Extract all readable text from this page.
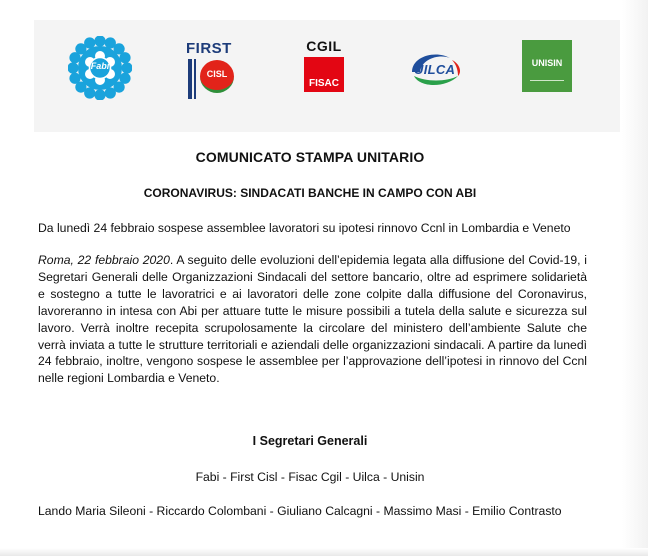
Fabi
FIRST
CISL
CGIL
FISAC
UILCA	UNISIN
COMUNICATO STAMPA UNITARIO
CORONAVIRUS: SINDACATI BANCHE IN CAMPO CON ABI
Da lunedì 24 febbraio sospese assemblee lavoratori su ipotesi rinnovo Ccnl in Lombardia e Veneto
Roma, 22 febbraio 2020. A seguito delle evoluzioni dell’epidemia legata alla diffusione del Covid-19, i Segretari Generali delle Organizzazioni Sindacali del settore bancario, oltre ad esprimere solidarietà e sostegno a tutte le lavoratrici e ai lavoratori delle zone colpite dalla diffusione del Coronavirus, lavoreranno in intesa con Abi per attuare tutte le misure possibili a tutela della salute e sicurezza sul lavoro. Verrà inoltre recepita scrupolosamente la circolare del ministero dell’ambiente Salute che verrà inviata a tutte le strutture territoriali e aziendali delle organizzazioni sindacali. A partire da lunedì 24 febbraio, inoltre, vengono sospese le assemblee per l’approvazione dell’ipotesi in rinnovo del Ccnl nelle regioni Lombardia e Veneto.
I Segretari Generali
Fabi - First Cisl - Fisac Cgil - Uilca - Unisin
Lando Maria Sileoni - Riccardo Colombani - Giuliano Calcagni - Massimo Masi - Emilio Contrasto
